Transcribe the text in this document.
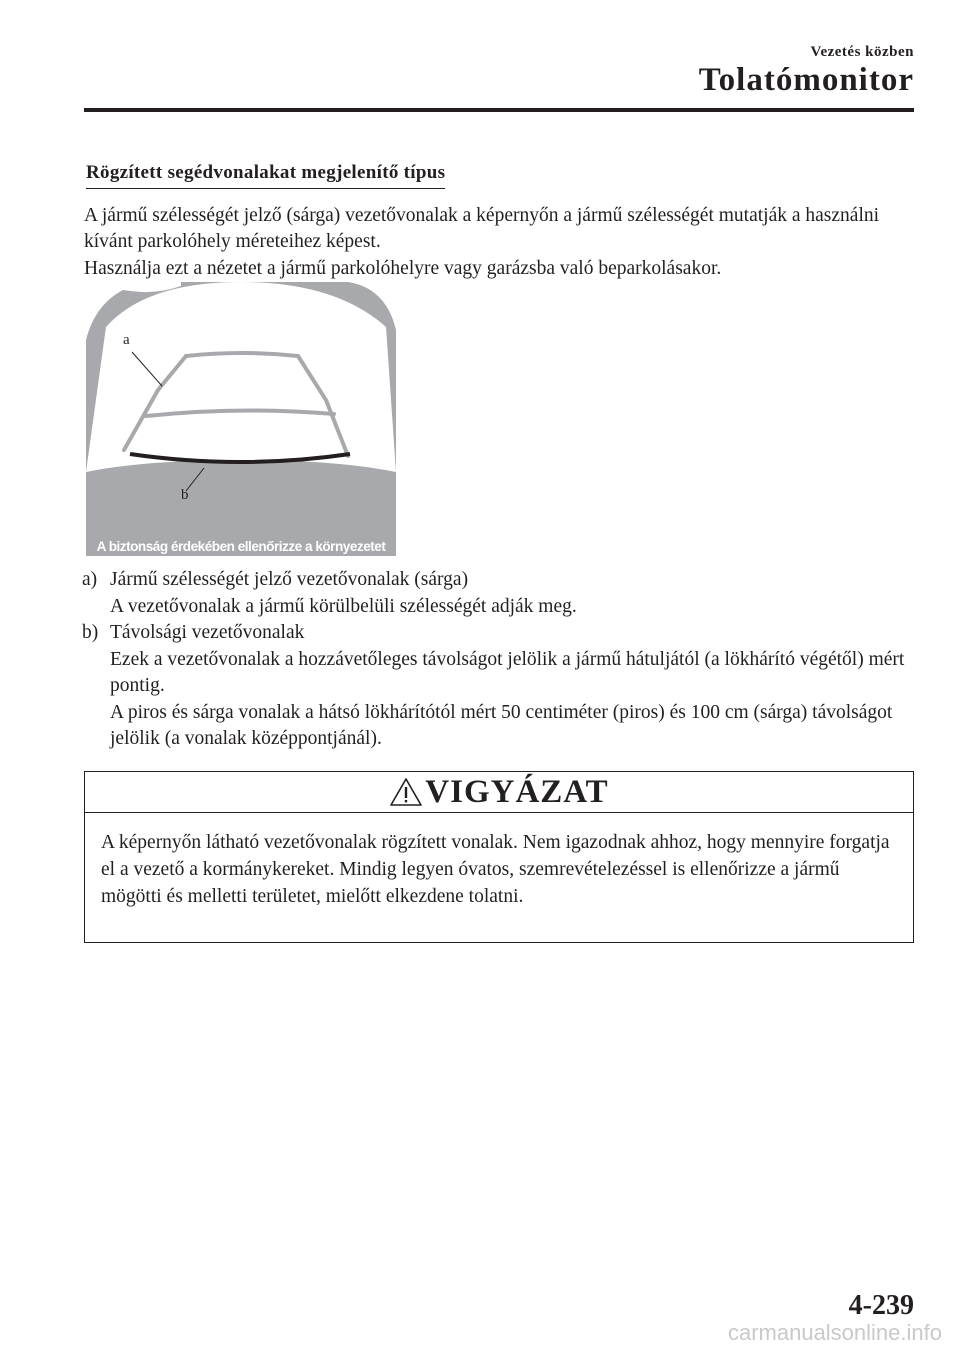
Vezetés közben
Tolatómonitor
Rögzített segédvonalakat megjelenítő típus
A jármű szélességét jelző (sárga) vezetővonalak a képernyőn a jármű szélességét mutatják a használni kívánt parkolóhely méreteihez képest.
Használja ezt a nézetet a jármű parkolóhelyre vagy garázsba való beparkolásakor.
a
b
A biztonság érdekében ellenőrizze a környezetet
a) Jármű szélességét jelző vezetővonalak (sárga)
A vezetővonalak a jármű körülbelüli szélességét adják meg.
b) Távolsági vezetővonalak
Ezek a vezetővonalak a hozzávetőleges távolságot jelölik a jármű hátuljától (a lökhárító végétől) mért pontig.
A piros és sárga vonalak a hátsó lökhárítótól mért 50 centiméter (piros) és 100 cm (sárga) távolságot jelölik (a vonalak középpontjánál).
VIGYÁZAT
A képernyőn látható vezetővonalak rögzített vonalak. Nem igazodnak ahhoz, hogy mennyire forgatja el a vezető a kormánykereket. Mindig legyen óvatos, szemrevételezéssel is ellenőrizze a jármű mögötti és melletti területet, mielőtt elkezdene tolatni.
4-239
carmanualsonline.info
